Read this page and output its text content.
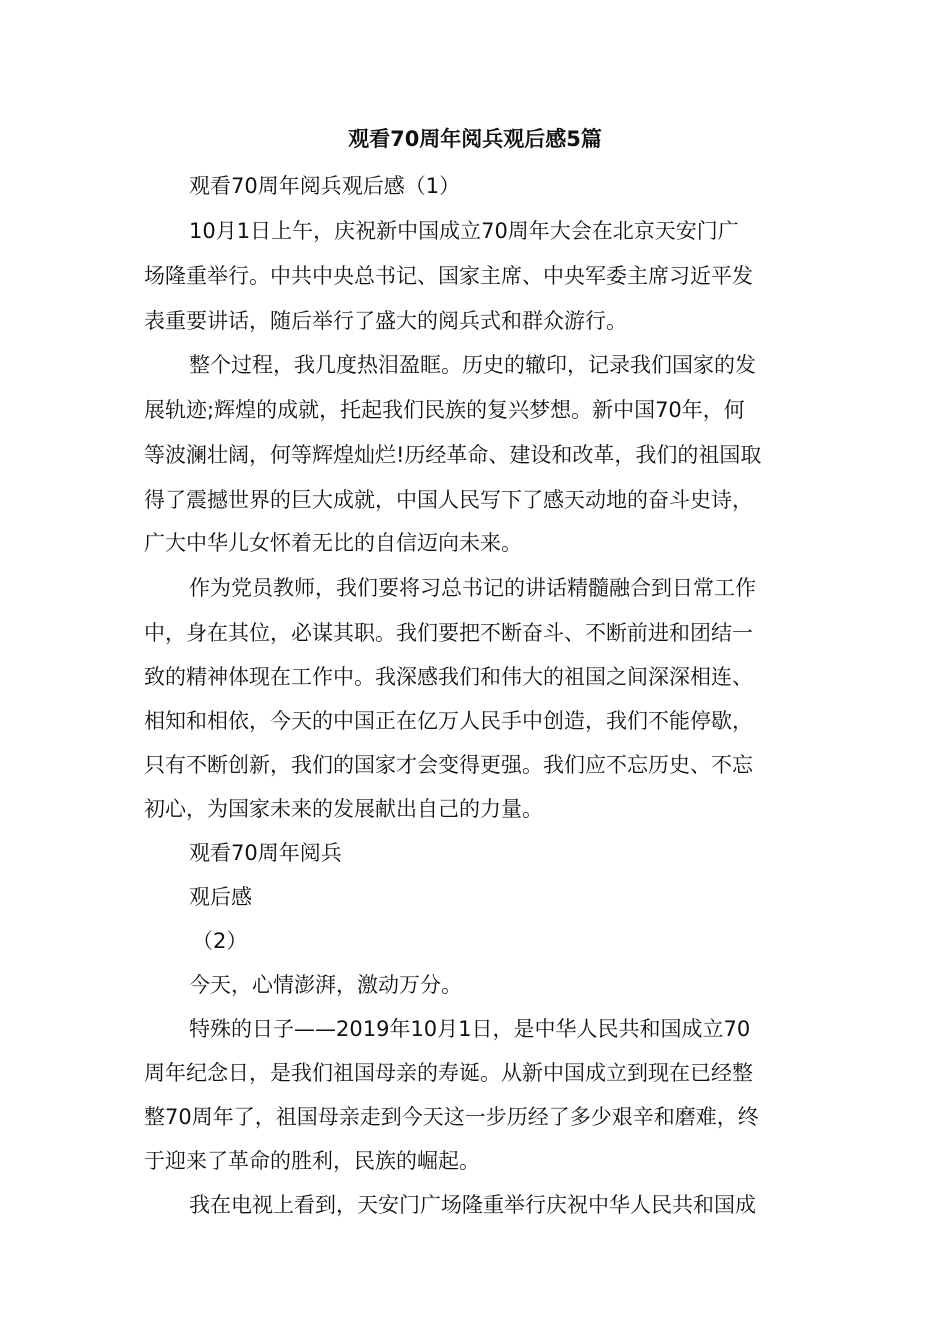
观看70周年阅兵观后感5篇

观看70周年阅兵观后感（1）

10月1日上午，庆祝新中国成立70周年大会在北京天安门广

场隆重举行。中共中央总书记、国家主席、中央军委主席习近平发

表重要讲话，随后举行了盛大的阅兵式和群众游行。

整个过程，我几度热泪盈眶。历史的辙印，记录我们国家的发

展轨迹;辉煌的成就，托起我们民族的复兴梦想。新中国70年，何

等波澜壮阔，何等辉煌灿烂!历经革命、建设和改革，我们的祖国取

得了震撼世界的巨大成就，中国人民写下了感天动地的奋斗史诗，

广大中华儿女怀着无比的自信迈向未来。

作为党员教师，我们要将习总书记的讲话精髓融合到日常工作

中，身在其位，必谋其职。我们要把不断奋斗、不断前进和团结一

致的精神体现在工作中。我深感我们和伟大的祖国之间深深相连、

相知和相依，今天的中国正在亿万人民手中创造，我们不能停歇，

只有不断创新，我们的国家才会变得更强。我们应不忘历史、不忘

初心，为国家未来的发展献出自己的力量。

观看70周年阅兵

观后感

（2）

今天，心情澎湃，激动万分。

特殊的日子——2019年10月1日，是中华人民共和国成立70

周年纪念日，是我们祖国母亲的寿诞。从新中国成立到现在已经整

整70周年了，祖国母亲走到今天这一步历经了多少艰辛和磨难，终

于迎来了革命的胜利，民族的崛起。

我在电视上看到，天安门广场隆重举行庆祝中华人民共和国成
